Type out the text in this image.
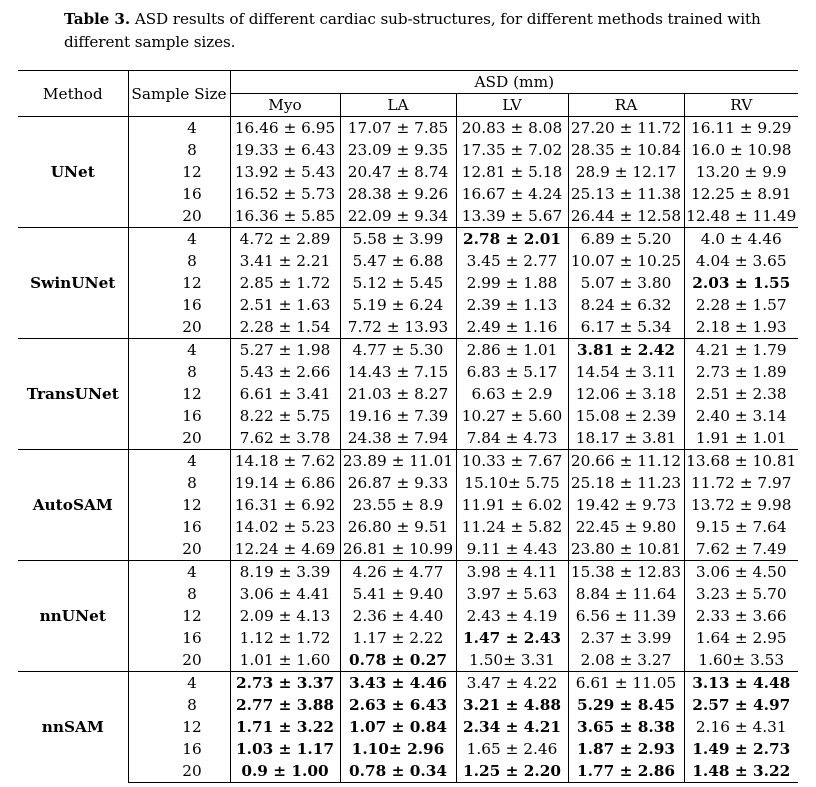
Table 3. ASD results of different cardiac sub-structures, for different methods trained with different sample sizes.
Method	Sample Size	ASD (mm)				
		Myo	LA	LV	RA	RV
UNet	4	16.46 ± 6.95	17.07 ± 7.85	20.83 ± 8.08	27.20 ± 11.72	16.11 ± 9.29
	8	19.33 ± 6.43	23.09 ± 9.35	17.35 ± 7.02	28.35 ± 10.84	16.0 ± 10.98
	12	13.92 ± 5.43	20.47 ± 8.74	12.81 ± 5.18	28.9 ± 12.17	13.20 ± 9.9
	16	16.52 ± 5.73	28.38 ± 9.26	16.67 ± 4.24	25.13 ± 11.38	12.25 ± 8.91
	20	16.36 ± 5.85	22.09 ± 9.34	13.39 ± 5.67	26.44 ± 12.58	12.48 ± 11.49
SwinUNet	4	4.72 ± 2.89	5.58 ± 3.99	2.78 ± 2.01	6.89 ± 5.20	4.0 ± 4.46
	8	3.41 ± 2.21	5.47 ± 6.88	3.45 ± 2.77	10.07 ± 10.25	4.04 ± 3.65
	12	2.85 ± 1.72	5.12 ± 5.45	2.99 ± 1.88	5.07 ± 3.80	2.03 ± 1.55
	16	2.51 ± 1.63	5.19 ± 6.24	2.39 ± 1.13	8.24 ± 6.32	2.28 ± 1.57
	20	2.28 ± 1.54	7.72 ± 13.93	2.49 ± 1.16	6.17 ± 5.34	2.18 ± 1.93
TransUNet	4	5.27 ± 1.98	4.77 ± 5.30	2.86 ± 1.01	3.81 ± 2.42	4.21 ± 1.79
	8	5.43 ± 2.66	14.43 ± 7.15	6.83 ± 5.17	14.54 ± 3.11	2.73 ± 1.89
	12	6.61 ± 3.41	21.03 ± 8.27	6.63 ± 2.9	12.06 ± 3.18	2.51 ± 2.38
	16	8.22 ± 5.75	19.16 ± 7.39	10.27 ± 5.60	15.08 ± 2.39	2.40 ± 3.14
	20	7.62 ± 3.78	24.38 ± 7.94	7.84 ± 4.73	18.17 ± 3.81	1.91 ± 1.01
AutoSAM	4	14.18 ± 7.62	23.89 ± 11.01	10.33 ± 7.67	20.66 ± 11.12	13.68 ± 10.81
	8	19.14 ± 6.86	26.87 ± 9.33	15.10± 5.75	25.18 ± 11.23	11.72 ± 7.97
	12	16.31 ± 6.92	23.55 ± 8.9	11.91 ± 6.02	19.42 ± 9.73	13.72 ± 9.98
	16	14.02 ± 5.23	26.80 ± 9.51	11.24 ± 5.82	22.45 ± 9.80	9.15 ± 7.64
	20	12.24 ± 4.69	26.81 ± 10.99	9.11 ± 4.43	23.80 ± 10.81	7.62 ± 7.49
nnUNet	4	8.19 ± 3.39	4.26 ± 4.77	3.98 ± 4.11	15.38 ± 12.83	3.06 ± 4.50
	8	3.06 ± 4.41	5.41 ± 9.40	3.97 ± 5.63	8.84 ± 11.64	3.23 ± 5.70
	12	2.09 ± 4.13	2.36 ± 4.40	2.43 ± 4.19	6.56 ± 11.39	2.33 ± 3.66
	16	1.12 ± 1.72	1.17 ± 2.22	1.47 ± 2.43	2.37 ± 3.99	1.64 ± 2.95
	20	1.01 ± 1.60	0.78 ± 0.27	1.50± 3.31	2.08 ± 3.27	1.60± 3.53
nnSAM	4	2.73 ± 3.37	3.43 ± 4.46	3.47 ± 4.22	6.61 ± 11.05	3.13 ± 4.48
	8	2.77 ± 3.88	2.63 ± 6.43	3.21 ± 4.88	5.29 ± 8.45	2.57 ± 4.97
	12	1.71 ± 3.22	1.07 ± 0.84	2.34 ± 4.21	3.65 ± 8.38	2.16 ± 4.31
	16	1.03 ± 1.17	1.10± 2.96	1.65 ± 2.46	1.87 ± 2.93	1.49 ± 2.73
	20	0.9 ± 1.00	0.78 ± 0.34	1.25 ± 2.20	1.77 ± 2.86	1.48 ± 3.22
